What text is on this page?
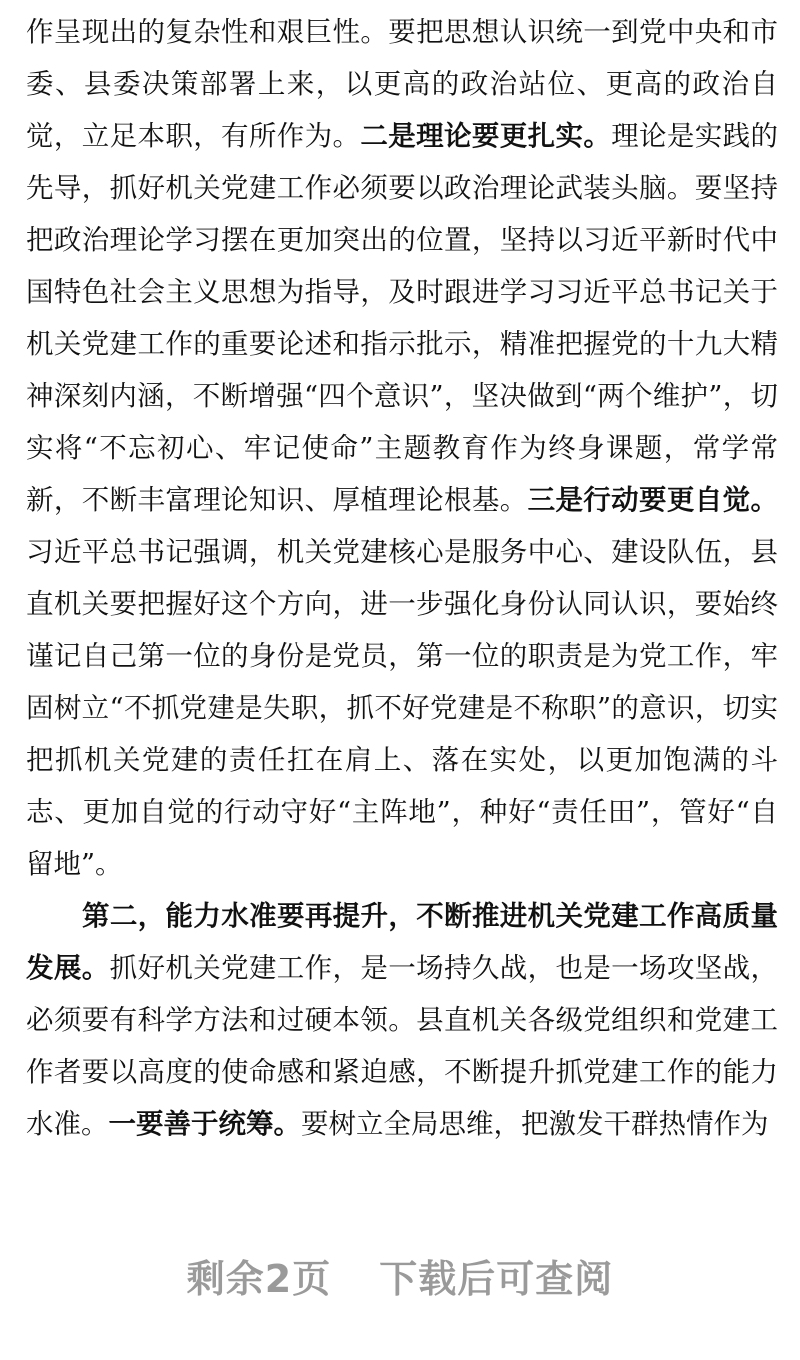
作呈现出的复杂性和艰巨性。要把思想认识统一到党中央和市委、县委决策部署上来，以更高的政治站位、更高的政治自觉，立足本职，有所作为。二是理论要更扎实。理论是实践的先导，抓好机关党建工作必须要以政治理论武装头脑。要坚持把政治理论学习摆在更加突出的位置，坚持以习近平新时代中国特色社会主义思想为指导，及时跟进学习习近平总书记关于机关党建工作的重要论述和指示批示，精准把握党的十九大精神深刻内涵，不断增强“四个意识”，坚决做到“两个维护”，切实将“不忘初心、牢记使命”主题教育作为终身课题，常学常新，不断丰富理论知识、厚植理论根基。三是行动要更自觉。习近平总书记强调，机关党建核心是服务中心、建设队伍，县直机关要把握好这个方向，进一步强化身份认同认识，要始终谨记自己第一位的身份是党员，第一位的职责是为党工作，牢固树立“不抓党建是失职，抓不好党建是不称职”的意识，切实把抓机关党建的责任扛在肩上、落在实处，以更加饱满的斗志、更加自觉的行动守好“主阵地”，种好“责任田”，管好“自留地”。

第二，能力水准要再提升，不断推进机关党建工作高质量发展。抓好机关党建工作，是一场持久战，也是一场攻坚战，必须要有科学方法和过硬本领。县直机关各级党组织和党建工作者要以高度的使命感和紧迫感，不断提升抓党建工作的能力水准。一要善于统筹。要树立全局思维，把激发干群热情作为

剩余2页 下载后可查阅
